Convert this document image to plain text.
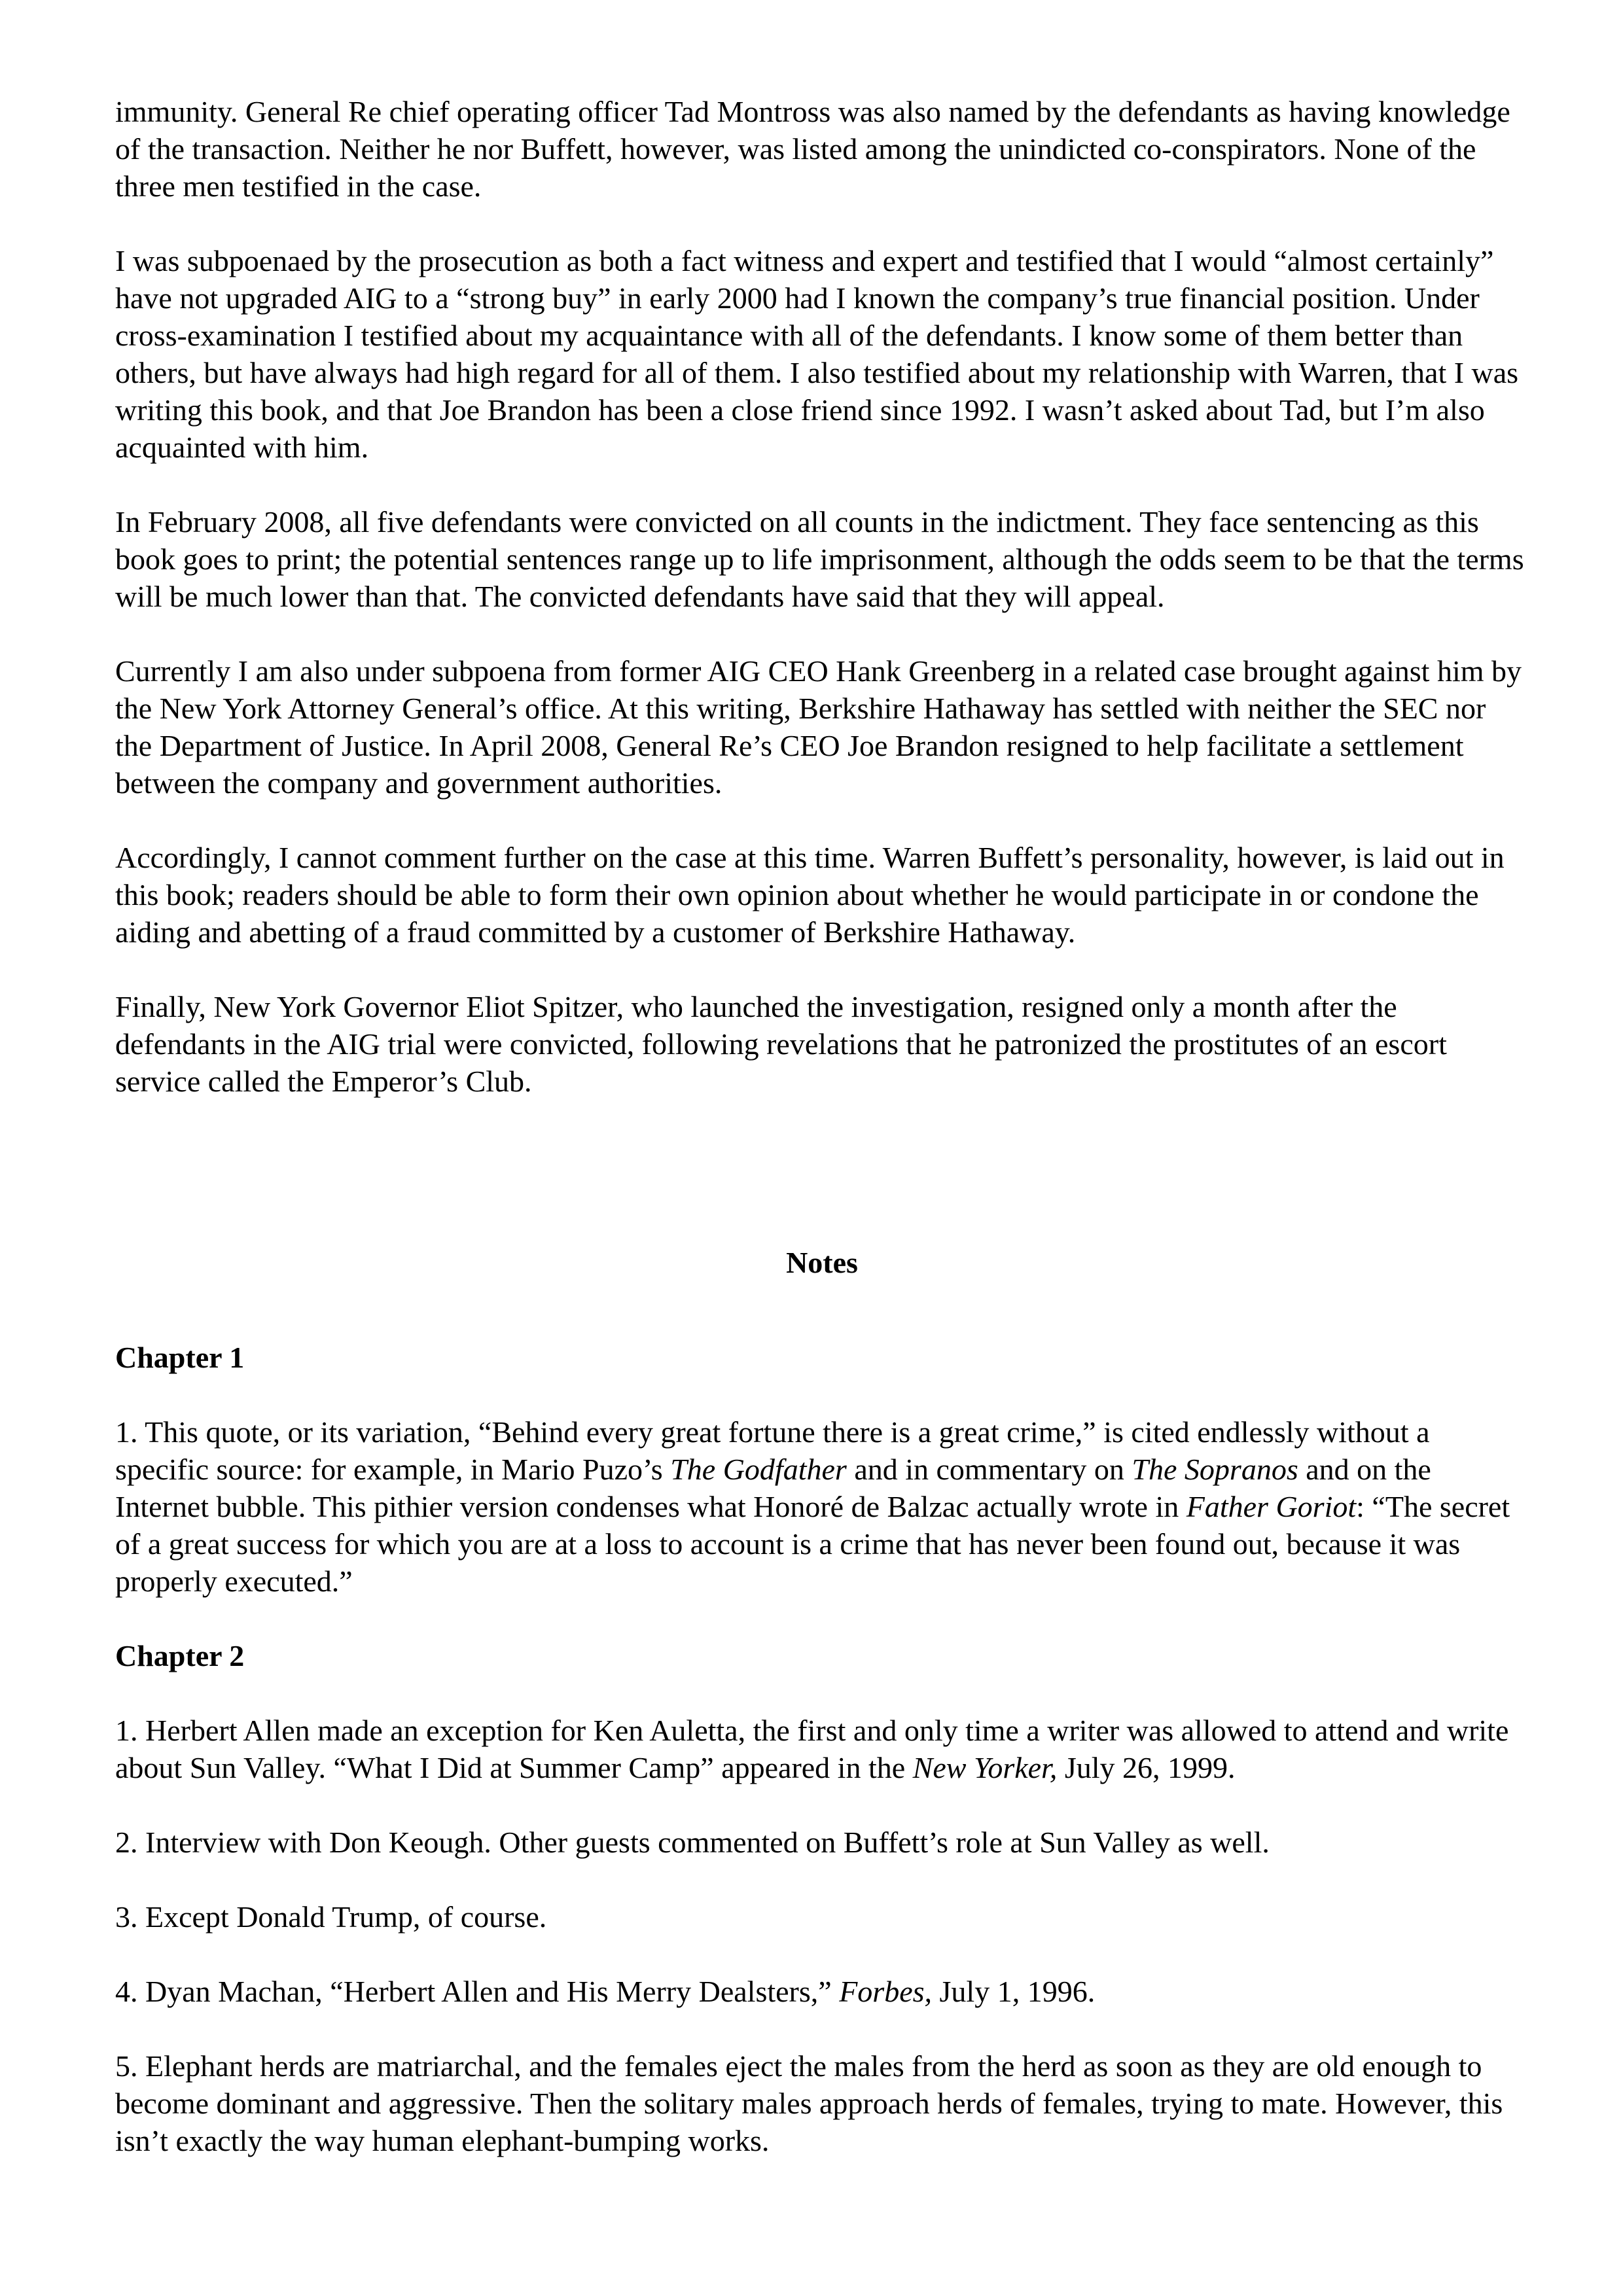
immunity. General Re chief operating officer Tad Montross was also named by the defendants as having knowledge of the transaction. Neither he nor Buffett, however, was listed among the unindicted co-conspirators. None of the three men testified in the case.

I was subpoenaed by the prosecution as both a fact witness and expert and testified that I would “almost certainly” have not upgraded AIG to a “strong buy” in early 2000 had I known the company’s true financial position. Under cross-examination I testified about my acquaintance with all of the defendants. I know some of them better than others, but have always had high regard for all of them. I also testified about my relationship with Warren, that I was writing this book, and that Joe Brandon has been a close friend since 1992. I wasn’t asked about Tad, but I’m also acquainted with him.

In February 2008, all five defendants were convicted on all counts in the indictment. They face sentencing as this book goes to print; the potential sentences range up to life imprisonment, although the odds seem to be that the terms will be much lower than that. The convicted defendants have said that they will appeal.

Currently I am also under subpoena from former AIG CEO Hank Greenberg in a related case brought against him by the New York Attorney General’s office. At this writing, Berkshire Hathaway has settled with neither the SEC nor the Department of Justice. In April 2008, General Re’s CEO Joe Brandon resigned to help facilitate a settlement between the company and government authorities.

Accordingly, I cannot comment further on the case at this time. Warren Buffett’s personality, however, is laid out in this book; readers should be able to form their own opinion about whether he would participate in or condone the aiding and abetting of a fraud committed by a customer of Berkshire Hathaway.

Finally, New York Governor Eliot Spitzer, who launched the investigation, resigned only a month after the defendants in the AIG trial were convicted, following revelations that he patronized the prostitutes of an escort service called the Emperor’s Club.

Notes
Chapter 1

1. This quote, or its variation, “Behind every great fortune there is a great crime,” is cited endlessly without a specific source: for example, in Mario Puzo’s The Godfather and in commentary on The Sopranos and on the Internet bubble. This pithier version condenses what Honoré de Balzac actually wrote in Father Goriot: “The secret of a great success for which you are at a loss to account is a crime that has never been found out, because it was properly executed.”

Chapter 2

1. Herbert Allen made an exception for Ken Auletta, the first and only time a writer was allowed to attend and write about Sun Valley. “What I Did at Summer Camp” appeared in the New Yorker, July 26, 1999.

2. Interview with Don Keough. Other guests commented on Buffett’s role at Sun Valley as well.

3. Except Donald Trump, of course.

4. Dyan Machan, “Herbert Allen and His Merry Dealsters,” Forbes, July 1, 1996.

5. Elephant herds are matriarchal, and the females eject the males from the herd as soon as they are old enough to become dominant and aggressive. Then the solitary males approach herds of females, trying to mate. However, this isn’t exactly the way human elephant-bumping works.
